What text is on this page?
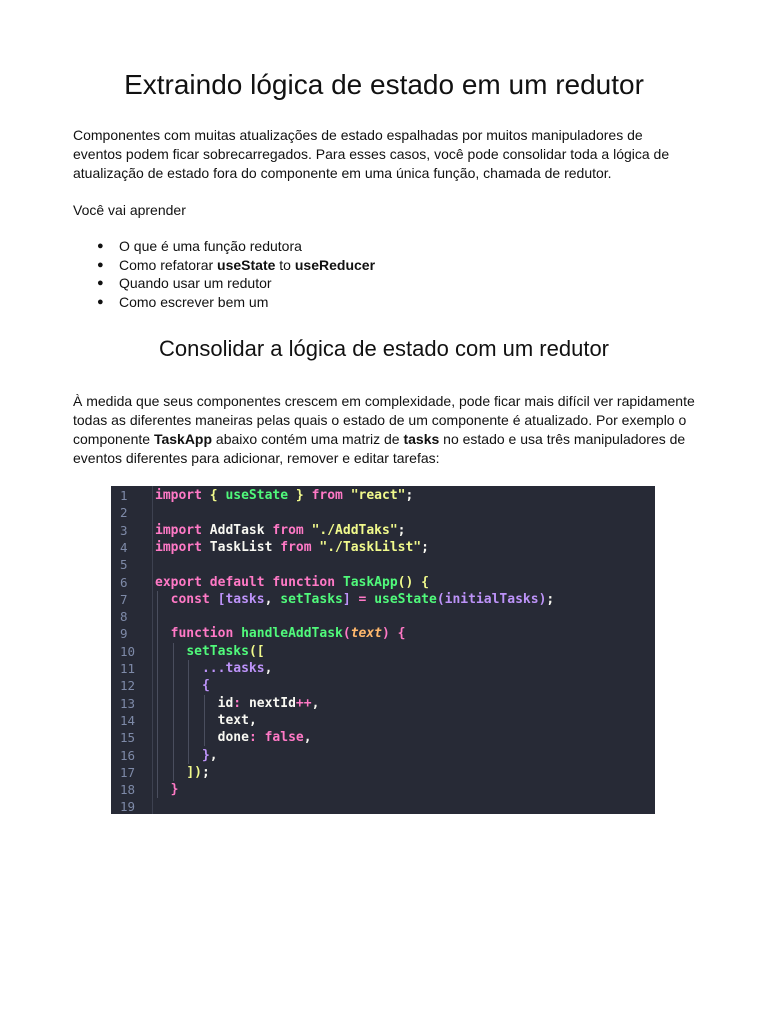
Extraindo lógica de estado em um redutor

Componentes com muitas atualizações de estado espalhadas por muitos manipuladores de eventos podem ficar sobrecarregados. Para esses casos, você pode consolidar toda a lógica de atualização de estado fora do componente em uma única função, chamada de redutor.

Você vai aprender

● O que é uma função redutora
● Como refatorar useState to useReducer
● Quando usar um redutor
● Como escrever bem um
Consolidar a lógica de estado com um redutor

À medida que seus componentes crescem em complexidade, pode ficar mais difícil ver rapidamente todas as diferentes maneiras pelas quais o estado de um componente é atualizado. Por exemplo o componente TaskApp abaixo contém uma matriz de tasks no estado e usa três manipuladores de eventos diferentes para adicionar, remover e editar tarefas:

1
2
3
4
5
6
7
8
9
10
11
12
13
14
15
16
17
18
19
import { useState } from "react";
import AddTask from "./AddTaks";
import TaskList from "./TaskLilst";
export default function TaskApp() {
const [tasks, setTasks] = useState(initialTasks);
function handleAddTask(text) {
setTasks([
...tasks,
{
id: nextId++,
text,
done: false,
},
]);
}
